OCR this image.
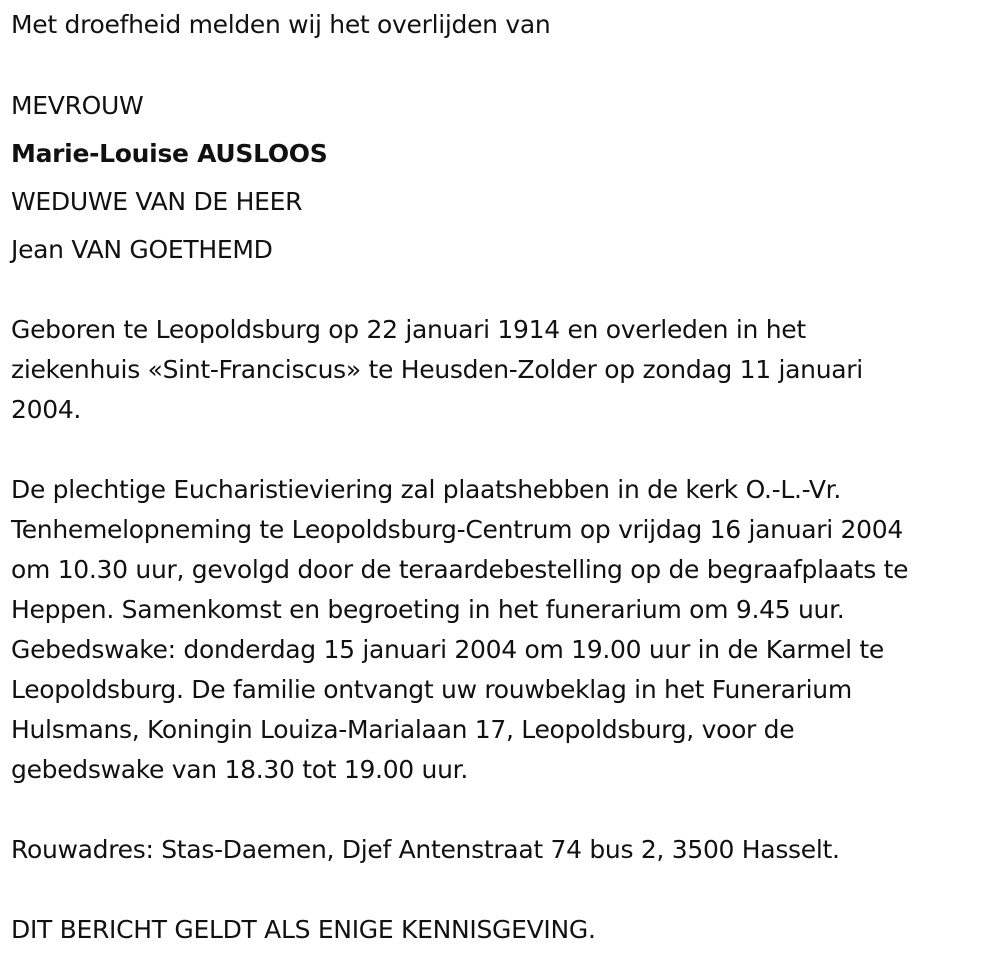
Met droefheid melden wij het overlijden van
MEVROUW
Marie-Louise AUSLOOS
WEDUWE VAN DE HEER
Jean VAN GOETHEMD
Geboren te Leopoldsburg op 22 januari 1914 en overleden in het
ziekenhuis «Sint-Franciscus» te Heusden-Zolder op zondag 11 januari
2004.
De plechtige Eucharistieviering zal plaatshebben in de kerk O.-L.-Vr.
Tenhemelopneming te Leopoldsburg-Centrum op vrijdag 16 januari 2004
om 10.30 uur, gevolgd door de teraardebestelling op de begraafplaats te
Heppen. Samenkomst en begroeting in het funerarium om 9.45 uur.
Gebedswake: donderdag 15 januari 2004 om 19.00 uur in de Karmel te
Leopoldsburg. De familie ontvangt uw rouwbeklag in het Funerarium
Hulsmans, Koningin Louiza-Marialaan 17, Leopoldsburg, voor de
gebedswake van 18.30 tot 19.00 uur.
Rouwadres: Stas-Daemen, Djef Antenstraat 74 bus 2, 3500 Hasselt.
DIT BERICHT GELDT ALS ENIGE KENNISGEVING.
